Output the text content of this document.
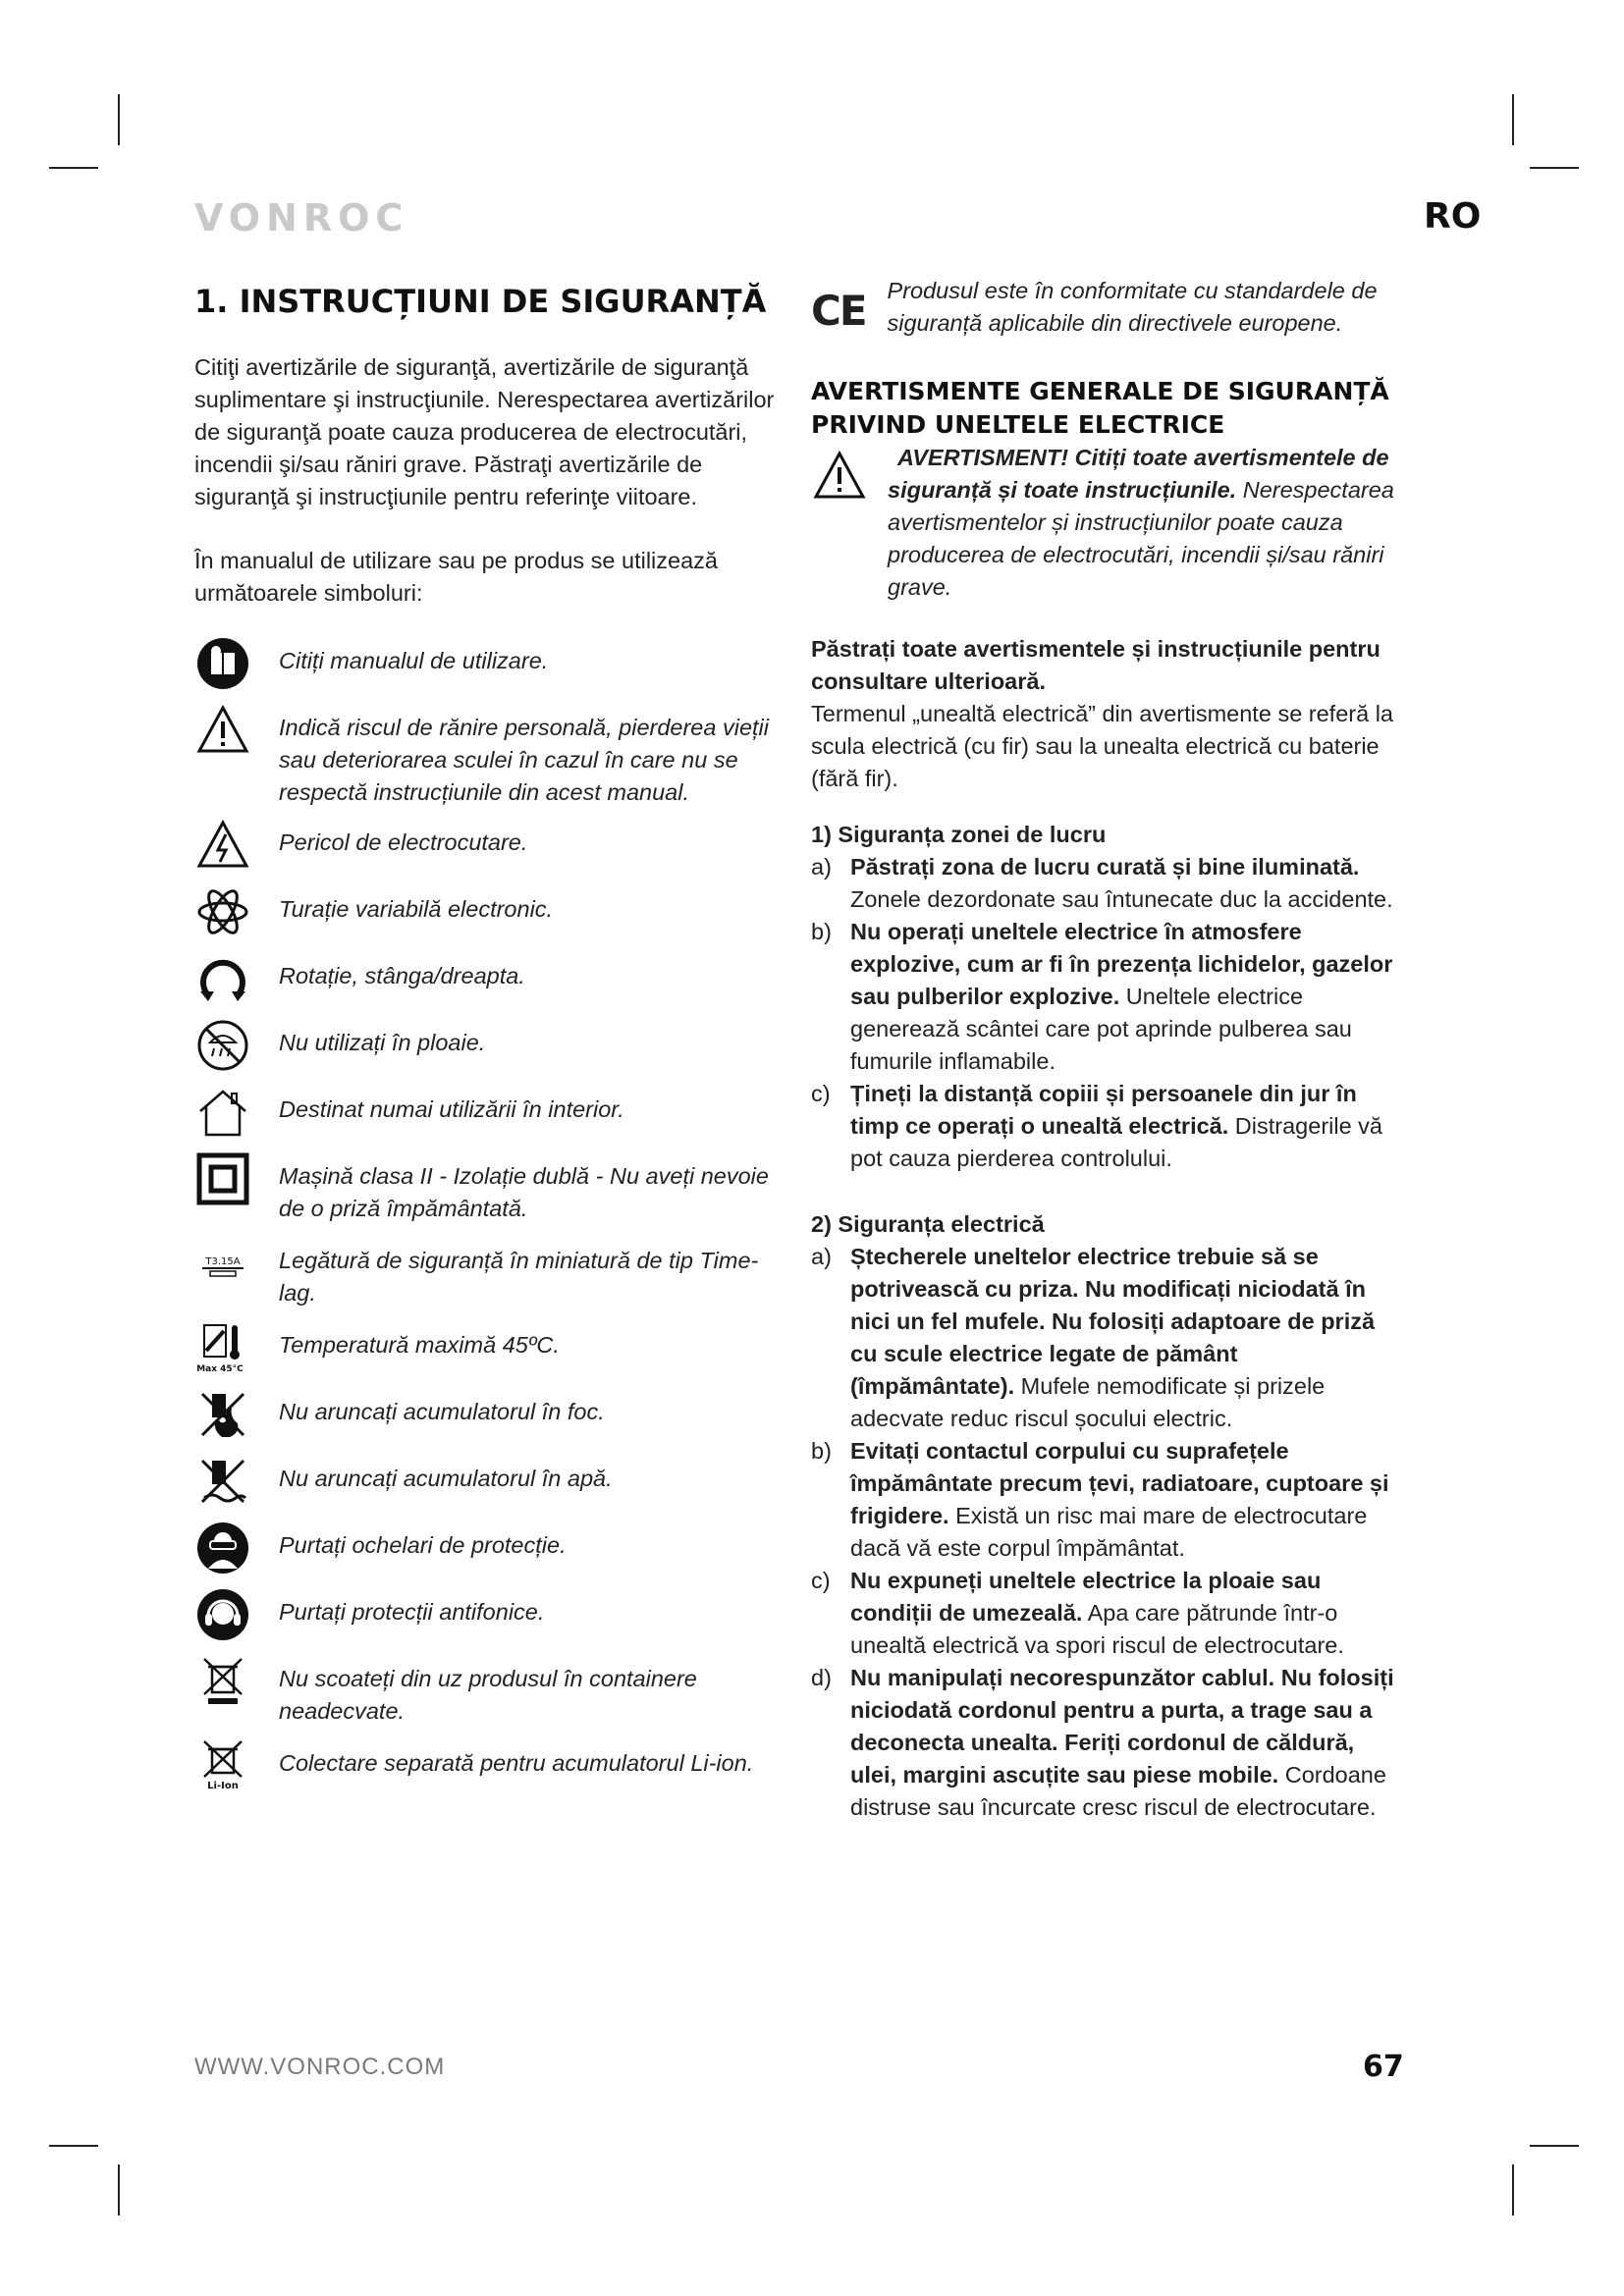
VONROC	RO
1. INSTRUCȚIUNI DE SIGURANȚĂ

Citiţi avertizările de siguranţă, avertizările de siguranţă suplimentare şi instrucţiunile. Nerespectarea avertizărilor de siguranţă poate cauza producerea de electrocutări, incendii şi/sau răniri grave. Păstraţi avertizările de siguranţă şi instrucţiunile pentru referinţe viitoare.

În manualul de utilizare sau pe produs se utilizează următoarele simboluri:

Citiți manualul de utilizare.
Indică riscul de rănire personală, pierderea vieții sau deteriorarea sculei în cazul în care nu se respectă instrucțiunile din acest manual.
Pericol de electrocutare.
Turație variabilă electronic.
Rotație, stânga/dreapta.
Nu utilizați în ploaie.
Destinat numai utilizării în interior.
Mașină clasa II - Izolație dublă - Nu aveți nevoie de o priză împământată.
T3.15A Legătură de siguranță în miniatură de tip Time-lag.
Max 45°C
Temperatură maximă 45ºC.
Nu aruncați acumulatorul în foc.
Nu aruncați acumulatorul în apă.
Purtați ochelari de protecție.
Purtați protecții antifonice.
Nu scoateți din uz produsul în containere neadecvate.
Li-Ion
Colectare separată pentru acumulatorul Li-ion.
CE Produsul este în conformitate cu standardele de siguranță aplicabile din directivele europene.
AVERTISMENTE GENERALE DE SIGURANȚĂ PRIVIND UNELTELE ELECTRICE
AVERTISMENT! Citiți toate avertismentele de siguranță și toate instrucțiunile. Nerespectarea avertismentelor și instrucțiunilor poate cauza producerea de electrocutări, incendii și/sau răniri grave.

Păstrați toate avertismentele și instrucțiunile pentru consultare ulterioară.

Termenul „unealtă electrică” din avertismente se referă la scula electrică (cu fir) sau la unealta electrică cu baterie (fără fir).

1) Siguranța zonei de lucru

a) Păstrați zona de lucru curată și bine iluminată. Zonele dezordonate sau întunecate duc la accidente.
b) Nu operați uneltele electrice în atmosfere explozive, cum ar fi în prezența lichidelor, gazelor sau pulberilor explozive. Uneltele electrice generează scântei care pot aprinde pulberea sau fumurile inflamabile.
c) Țineți la distanță copiii și persoanele din jur în timp ce operați o unealtă electrică. Distragerile vă pot cauza pierderea controlului.

2) Siguranța electrică

a) Ștecherele uneltelor electrice trebuie să se potrivească cu priza. Nu modificați niciodată în nici un fel mufele. Nu folosiți adaptoare de priză cu scule electrice legate de pământ (împământate). Mufele nemodificate și prizele adecvate reduc riscul șocului electric.
b) Evitați contactul corpului cu suprafețele împământate precum țevi, radiatoare, cuptoare și frigidere. Există un risc mai mare de electrocutare dacă vă este corpul împământat.
c) Nu expuneți uneltele electrice la ploaie sau condiții de umezeală. Apa care pătrunde într-o unealtă electrică va spori riscul de electrocutare.
d) Nu manipulați necorespunzător cablul. Nu folosiți niciodată cordonul pentru a purta, a trage sau a deconecta unealta. Feriți cordonul de căldură, ulei, margini ascuțite sau piese mobile. Cordoane distruse sau încurcate cresc riscul de electrocutare.
WWW.VONROC.COM	67
